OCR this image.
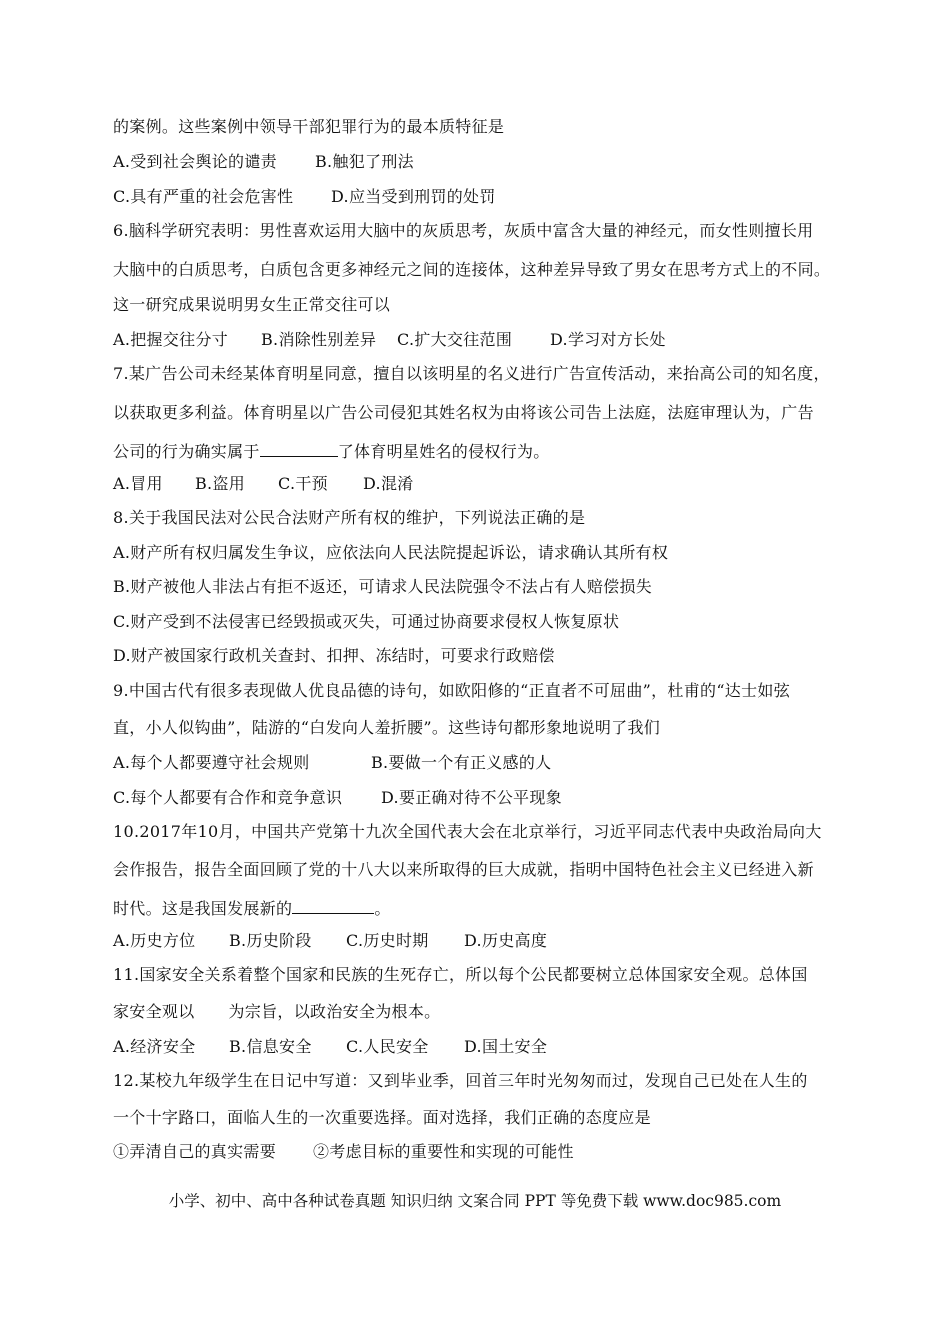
的案例。这些案例中领导干部犯罪行为的最本质特征是
A.受到社会舆论的谴责 B.触犯了刑法
C.具有严重的社会危害性 D.应当受到刑罚的处罚
6.脑科学研究表明：男性喜欢运用大脑中的灰质思考，灰质中富含大量的神经元，而女性则擅长用
大脑中的白质思考，白质包含更多神经元之间的连接体，这种差异导致了男女在思考方式上的不同。
这一研究成果说明男女生正常交往可以
A.把握交往分寸 B.消除性别差异 C.扩大交往范围 D.学习对方长处
7.某广告公司未经某体育明星同意，擅自以该明星的名义进行广告宣传活动，来抬高公司的知名度，
以获取更多利益。体育明星以广告公司侵犯其姓名权为由将该公司告上法庭，法庭审理认为，广告
公司的行为确实属于	了体育明星姓名的侵权行为。
A.冒用 B.盗用 C.干预 D.混淆
8.关于我国民法对公民合法财产所有权的维护，下列说法正确的是
A.财产所有权归属发生争议，应依法向人民法院提起诉讼，请求确认其所有权
B.财产被他人非法占有拒不返还，可请求人民法院强令不法占有人赔偿损失
C.财产受到不法侵害已经毁损或灭失，可通过协商要求侵权人恢复原状
D.财产被国家行政机关查封、扣押、冻结时，可要求行政赔偿
9.中国古代有很多表现做人优良品德的诗句，如欧阳修的“正直者不可屈曲”，杜甫的“达士如弦
直，小人似钩曲”，陆游的“白发向人羞折腰”。这些诗句都形象地说明了我们
A.每个人都要遵守社会规则	B.要做一个有正义感的人
C.每个人都要有合作和竞争意识 D.要正确对待不公平现象
10.2017年10月，中国共产党第十九次全国代表大会在北京举行，习近平同志代表中央政治局向大
会作报告，报告全面回顾了党的十八大以来所取得的巨大成就，指明中国特色社会主义已经进入新
时代。这是我国发展新的	。
A.历史方位 B.历史阶段 C.历史时期 D.历史高度
11.国家安全关系着整个国家和民族的生死存亡，所以每个公民都要树立总体国家安全观。总体国
家安全观以 为宗旨，以政治安全为根本。
A.经济安全 B.信息安全 C.人民安全 D.国土安全
12.某校九年级学生在日记中写道：又到毕业季，回首三年时光匆匆而过，发现自己已处在人生的
一个十字路口，面临人生的一次重要选择。面对选择，我们正确的态度应是
①弄清自己的真实需要 ②考虑目标的重要性和实现的可能性
小学、初中、高中各种试卷真题 知识归纳 文案合同 PPT 等免费下载 www.doc985.com
